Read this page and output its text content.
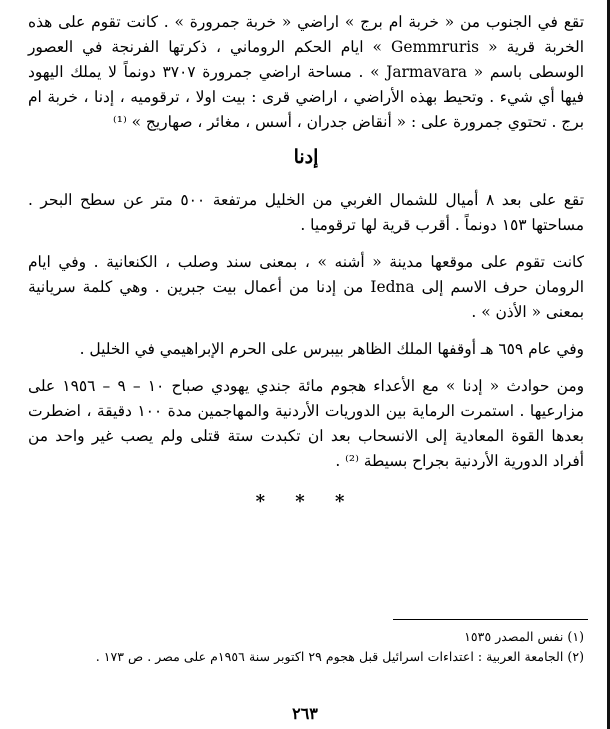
تقع في الجنوب من « خربة ام برج » اراضي « خربة جمرورة » . كانت تقوم على هذه الخربة قرية « Gemmruris » ايام الحكم الروماني ، ذكرتها الفرنجة في العصور الوسطى باسم « Jarmavara » . مساحة اراضي جمرورة ٣٧٠٧ دونماً لا يملك اليهود فيها أي شيء . وتحيط بهذه الأراضي ، اراضي قرى : بيت اولا ، ترقوميه ، إدنا ، خربة ام برج . تحتوي جمرورة على : « أنقاض جدران ، أسس ، مغائر ، صهاريج » ⁽¹⁾

إدنا

تقع على بعد ٨ أميال للشمال الغربي من الخليل مرتفعة ٥٠٠ متر عن سطح البحر . مساحتها ١٥٣ دونماً . أقرب قرية لها ترقوميا .

كانت تقوم على موقعها مدينة « أشنه » ، بمعنى سند وصلب ، الكنعانية . وفي ايام الرومان حرف الاسم إلى Iedna من إدنا من أعمال بيت جبرين . وهي كلمة سريانية بمعنى « الأذن » .

وفي عام ٦٥٩ هـ أوقفها الملك الظاهر بيبرس على الحرم الإبراهيمي في الخليل .

ومن حوادث « إدنا » مع الأعداء هجوم مائة جندي يهودي صباح ١٠ – ٩ – ١٩٥٦ على مزارعيها . استمرت الرماية بين الدوريات الأردنية والمهاجمين مدة ١٠٠ دقيقة ، اضطرت بعدها القوة المعادية إلى الانسحاب بعد ان تكبدت ستة قتلى ولم يصب غير واحد من أفراد الدورية الأردنية بجراح بسيطة ⁽²⁾ .

* * *

(١) نفس المصدر ١٥٣٥

(٢) الجامعة العربية : اعتداءات اسرائيل قبل هجوم ٢٩ اكتوبر سنة ١٩٥٦م على مصر . ص ١٧٣ .

٢٦٣
